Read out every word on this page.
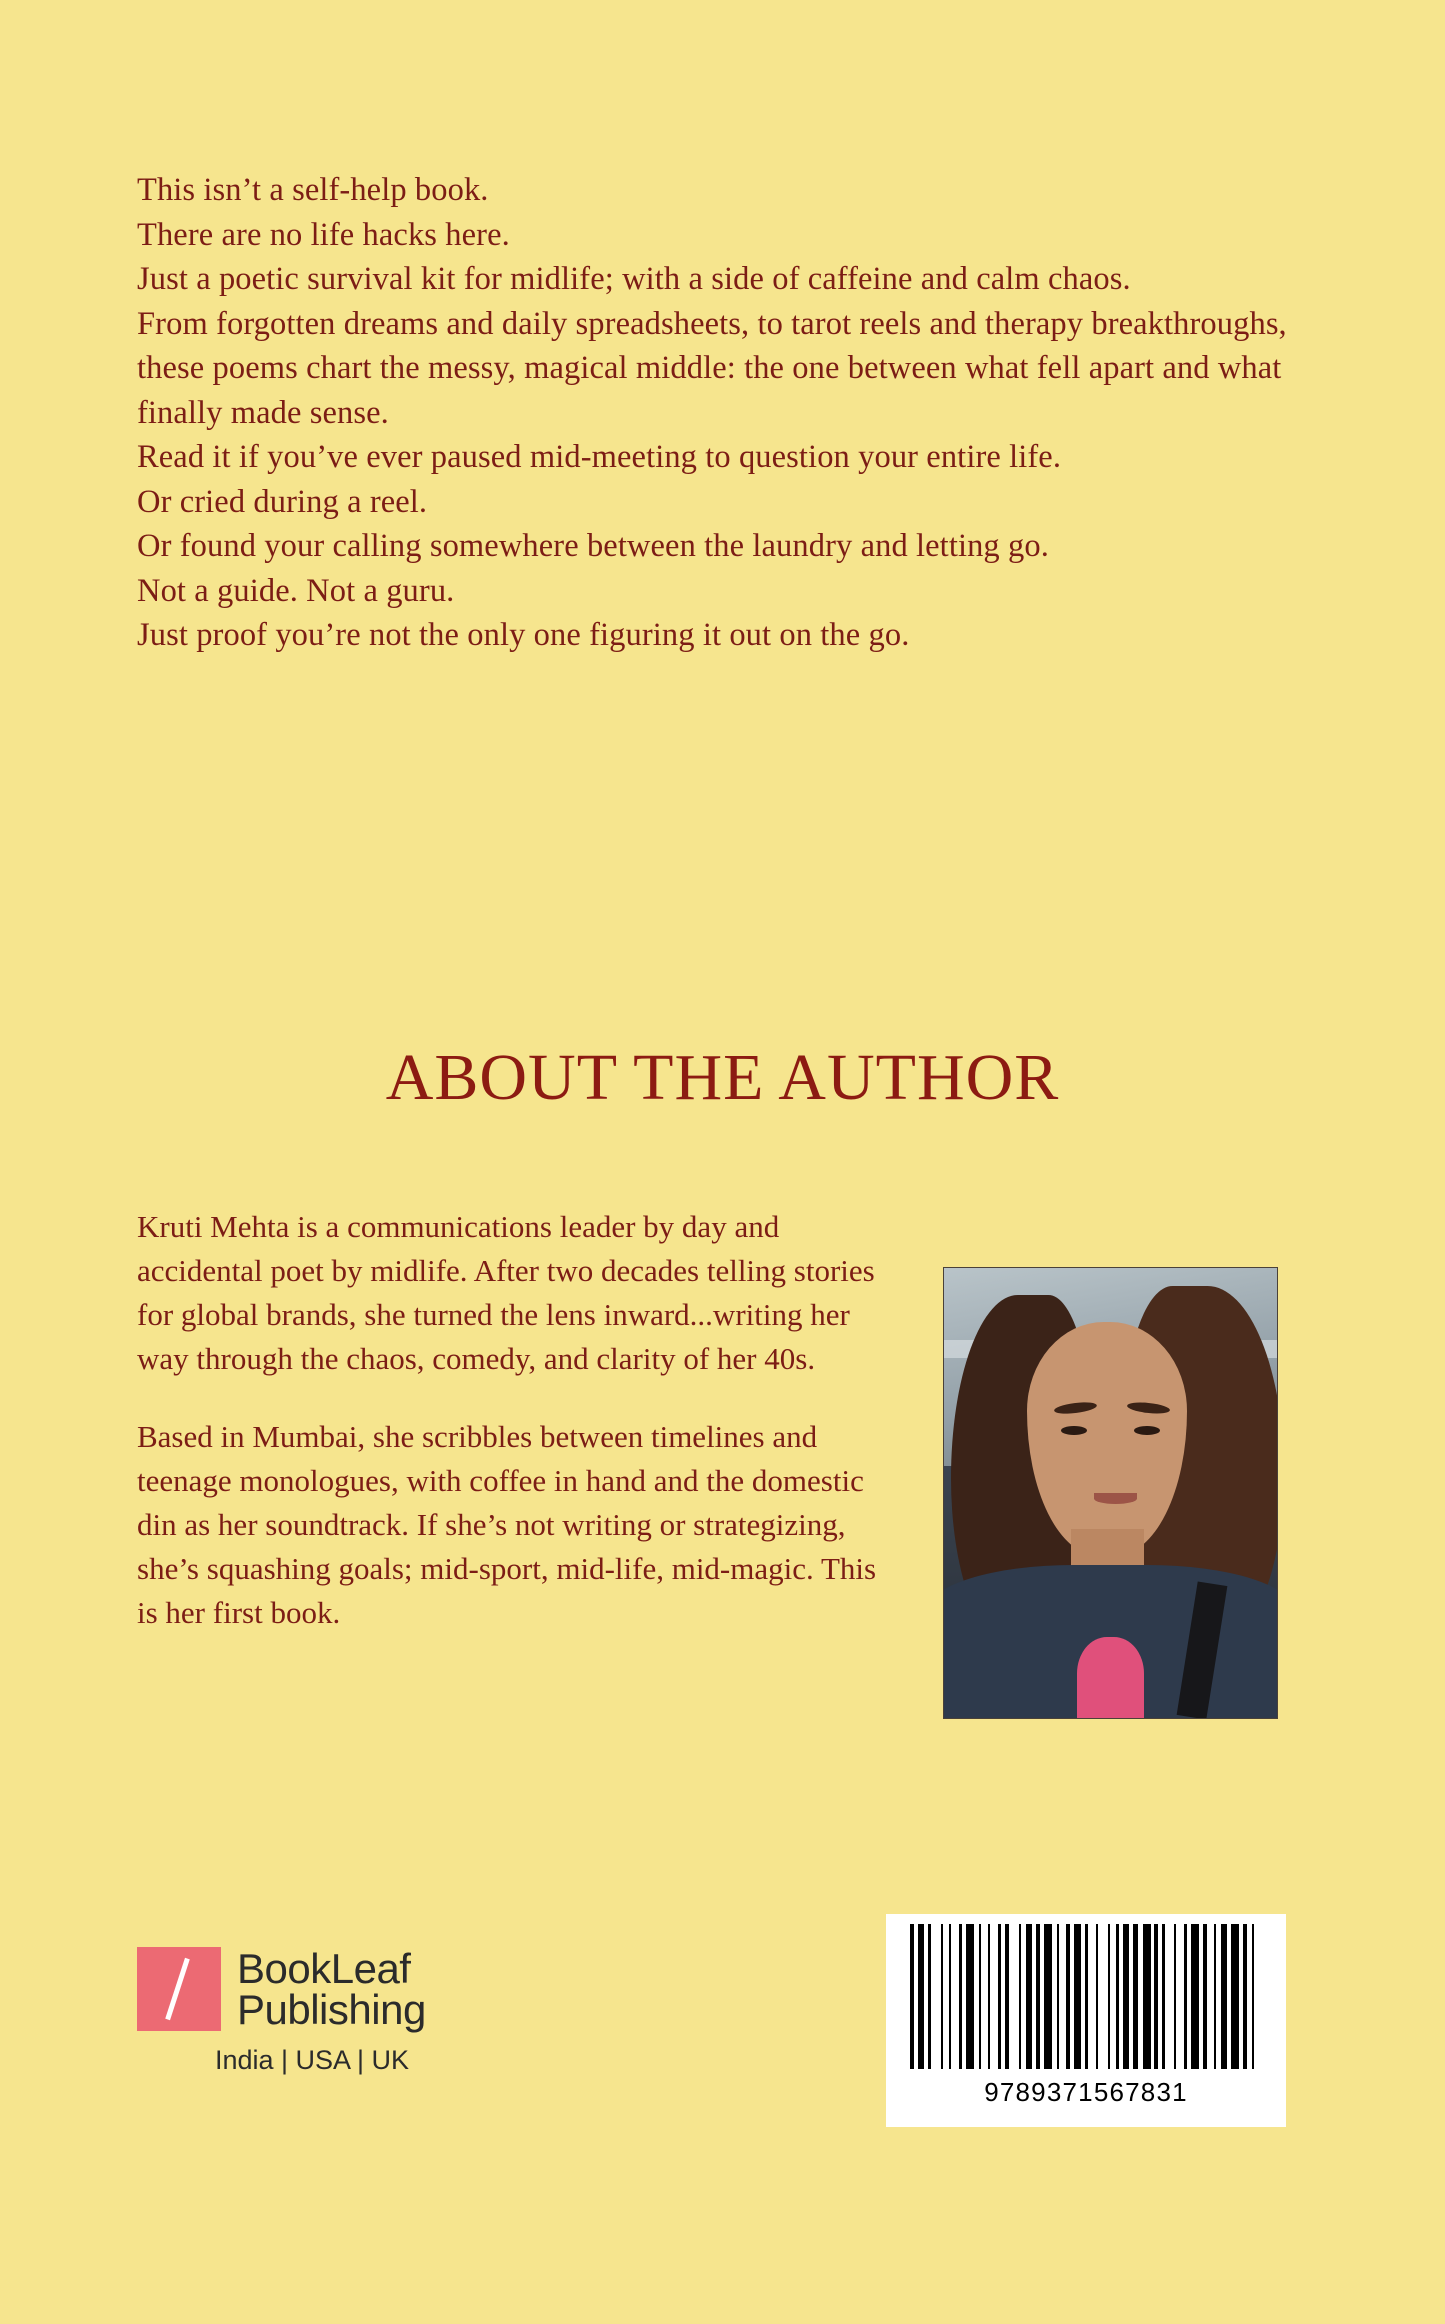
This isn’t a self-help book.

There are no life hacks here.

Just a poetic survival kit for midlife; with a side of caffeine and calm chaos.

From forgotten dreams and daily spreadsheets, to tarot reels and therapy breakthroughs, these poems chart the messy, magical middle: the one between what fell apart and what finally made sense.

Read it if you’ve ever paused mid-meeting to question your entire life.

Or cried during a reel.

Or found your calling somewhere between the laundry and letting go.

Not a guide. Not a guru.

Just proof you’re not the only one figuring it out on the go.

ABOUT THE AUTHOR

Kruti Mehta is a communications leader by day and accidental poet by midlife. After two decades telling stories for global brands, she turned the lens inward...writing her way through the chaos, comedy, and clarity of her 40s.

Based in Mumbai, she scribbles between timelines and teenage monologues, with coffee in hand and the domestic din as her soundtrack. If she’s not writing or strategizing, she’s squashing goals; mid-sport, mid-life, mid-magic. This is her first book.

BookLeaf
Publishing
India | USA | UK
9789371567831
